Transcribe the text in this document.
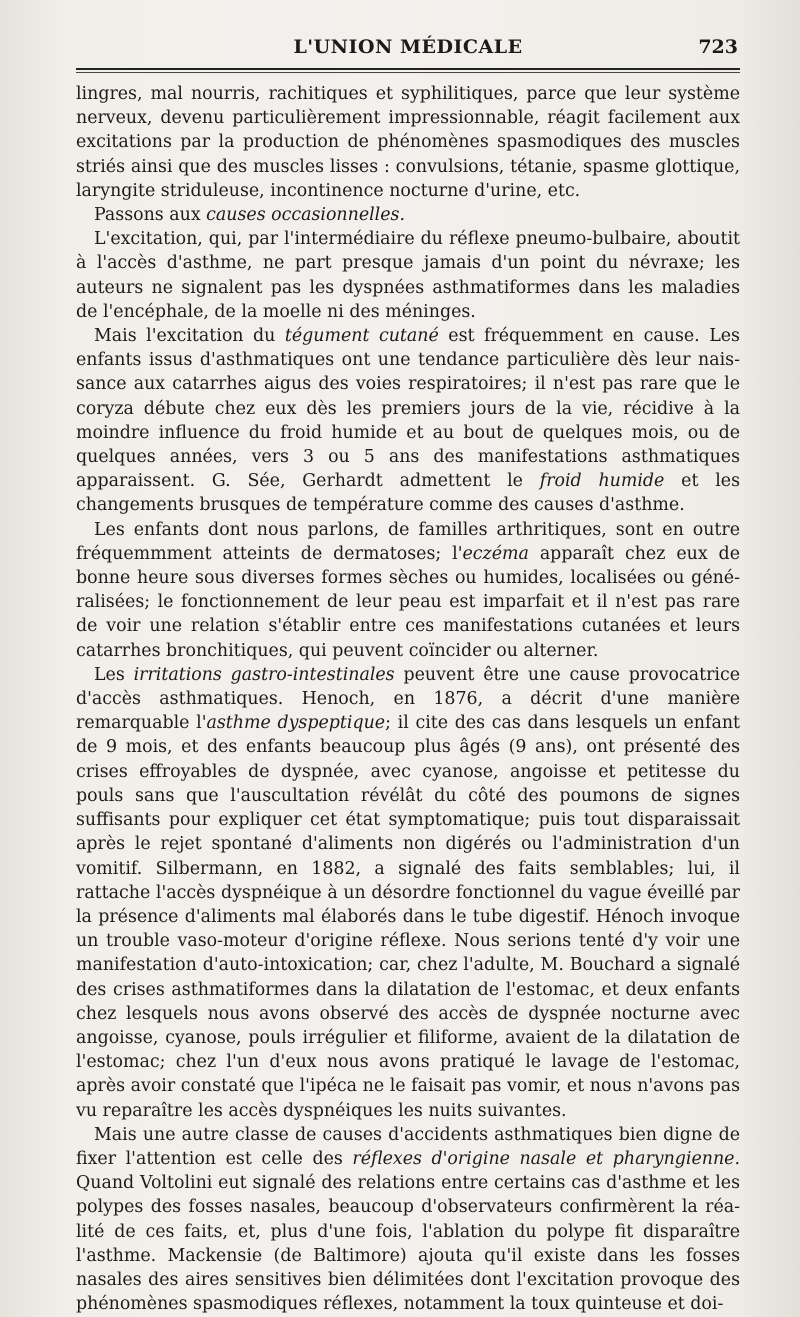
L'UNION MÉDICALE	723

lingres, mal nourris, rachitiques et syphilitiques, parce que leur système nerveux, devenu particulièrement impressionnable, réagit facilement aux excitations par la production de phénomènes spasmodiques des muscles striés ainsi que des muscles lisses : convulsions, tétanie, spasme glottique, laryngite striduleuse, incontinence nocturne d'urine, etc.

Passons aux causes occasionnelles.

L'excitation, qui, par l'intermédiaire du réflexe pneumo-bulbaire, aboutit à l'accès d'asthme, ne part presque jamais d'un point du névraxe; les auteurs ne signalent pas les dyspnées asthmatiformes dans les maladies de l'encéphale, de la moelle ni des méninges.

Mais l'excitation du tégument cutané est fréquemment en cause. Les enfants issus d'asthmatiques ont une tendance particulière dès leur naissance aux catarrhes aigus des voies respiratoires; il n'est pas rare que le coryza débute chez eux dès les premiers jours de la vie, récidive à la moindre influence du froid humide et au bout de quelques mois, ou de quelques années, vers 3 ou 5 ans des manifestations asthmatiques apparaissent. G. Sée, Gerhardt admettent le froid humide et les changements brusques de température comme des causes d'asthme.

Les enfants dont nous parlons, de familles arthritiques, sont en outre fréquemmment atteints de dermatoses; l'eczéma apparaît chez eux de bonne heure sous diverses formes sèches ou humides, localisées ou généralisées; le fonctionnement de leur peau est imparfait et il n'est pas rare de voir une relation s'établir entre ces manifestations cutanées et leurs catarrhes bronchitiques, qui peuvent coïncider ou alterner.

Les irritations gastro-intestinales peuvent être une cause provocatrice d'accès asthmatiques. Henoch, en 1876, a décrit d'une manière remarquable l'asthme dyspeptique; il cite des cas dans lesquels un enfant de 9 mois, et des enfants beaucoup plus âgés (9 ans), ont présenté des crises effroyables de dyspnée, avec cyanose, angoisse et petitesse du pouls sans que l'auscultation révélât du côté des poumons de signes suffisants pour expliquer cet état symptomatique; puis tout disparaissait après le rejet spontané d'aliments non digérés ou l'administration d'un vomitif. Silbermann, en 1882, a signalé des faits semblables; lui, il rattache l'accès dyspnéique à un désordre fonctionnel du vague éveillé par la présence d'aliments mal élaborés dans le tube digestif. Hénoch invoque un trouble vaso-moteur d'origine réflexe. Nous serions tenté d'y voir une manifestation d'auto-intoxication; car, chez l'adulte, M. Bouchard a signalé des crises asthmatiformes dans la dilatation de l'estomac, et deux enfants chez lesquels nous avons observé des accès de dyspnée nocturne avec angoisse, cyanose, pouls irrégulier et filiforme, avaient de la dilatation de l'estomac; chez l'un d'eux nous avons pratiqué le lavage de l'estomac, après avoir constaté que l'ipéca ne le faisait pas vomir, et nous n'avons pas vu reparaître les accès dyspnéiques les nuits suivantes.

Mais une autre classe de causes d'accidents asthmatiques bien digne de fixer l'attention est celle des réflexes d'origine nasale et pharyngienne. Quand Voltolini eut signalé des relations entre certains cas d'asthme et les polypes des fosses nasales, beaucoup d'observateurs confirmèrent la réalité de ces faits, et, plus d'une fois, l'ablation du polype fit disparaître l'asthme. Mackensie (de Baltimore) ajouta qu'il existe dans les fosses nasales des aires sensitives bien délimitées dont l'excitation provoque des phénomènes spasmodiques réflexes, notamment la toux quinteuse et doi-
